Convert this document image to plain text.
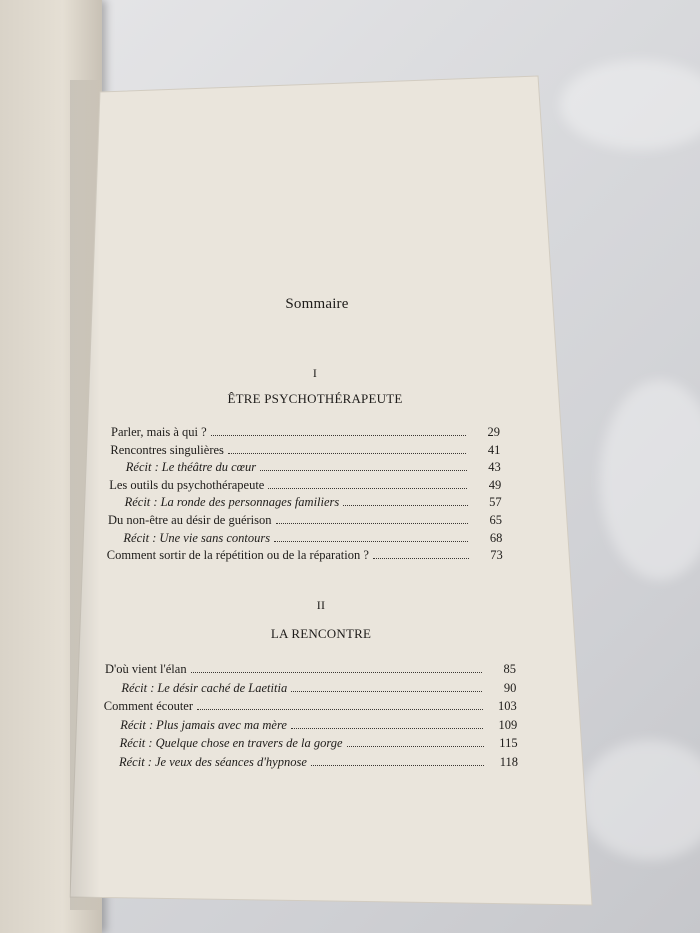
Sommaire
I
ÊTRE PSYCHOTHÉRAPEUTE
Parler, mais à qui ?	29
Rencontres singulières	41
Récit : Le théâtre du cœur	43
Les outils du psychothérapeute	49
Récit : La ronde des personnages familiers	57
Du non-être au désir de guérison	65
Récit : Une vie sans contours	68
Comment sortir de la répétition ou de la réparation ?	73
II
LA RENCONTRE
D'où vient l'élan	85
Récit : Le désir caché de Laetitia	90
Comment écouter	103
Récit : Plus jamais avec ma mère	109
Récit : Quelque chose en travers de la gorge	115
Récit : Je veux des séances d'hypnose	118
